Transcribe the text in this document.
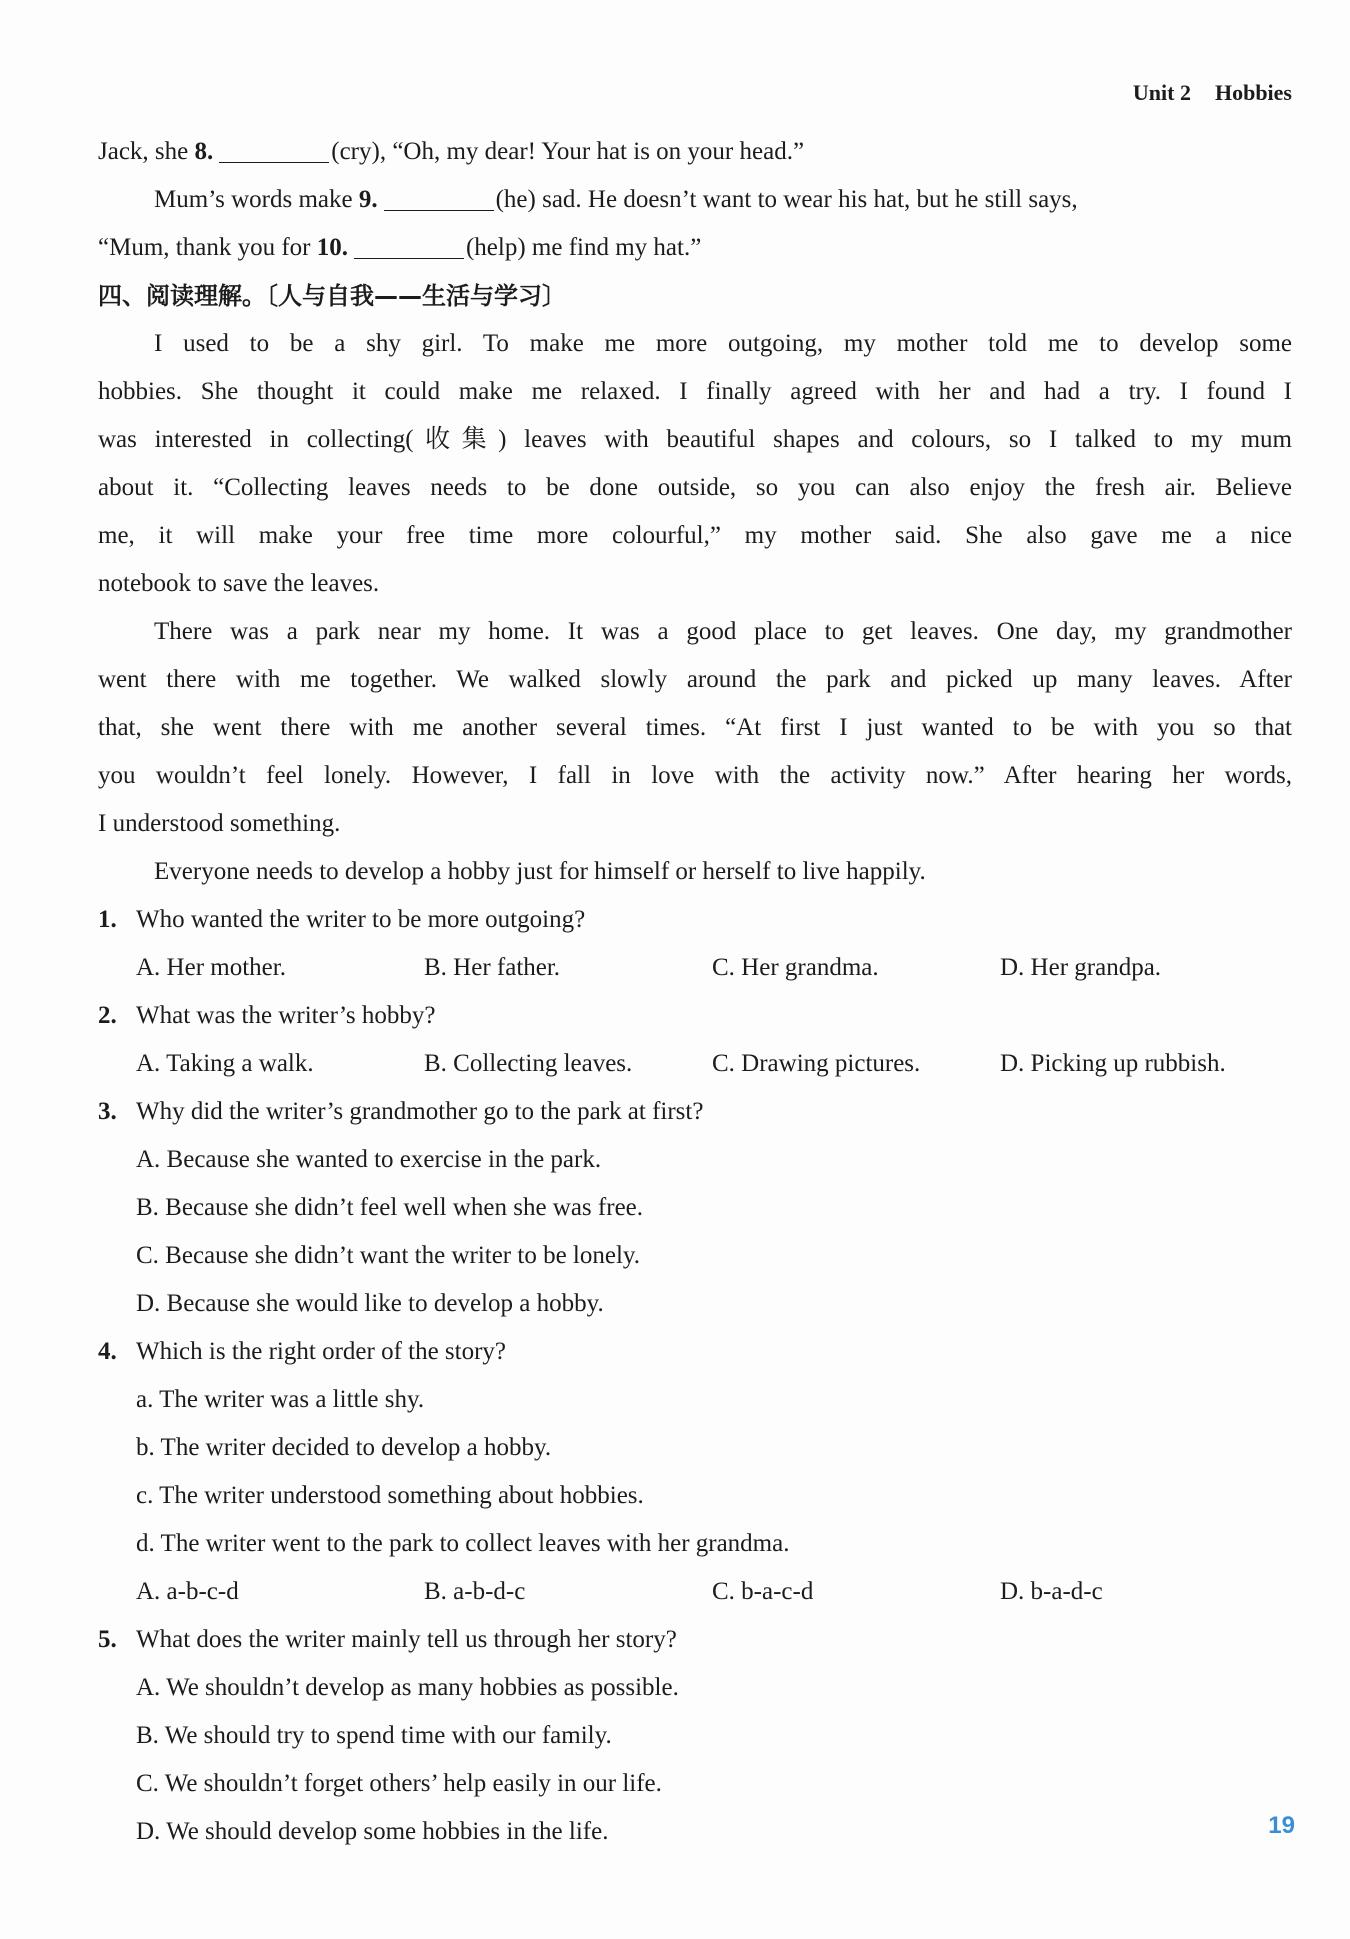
Unit 2 Hobbies
Jack, she 8.	(cry), “Oh, my dear! Your hat is on your head.”
Mum’s words make 9.	(he) sad. He doesn’t want to wear his hat, but he still says,
“Mum, thank you for 10.	(help) me find my hat.”
四、阅读理解。〔人与自我——生活与学习〕
I used to be a shy girl. To make me more outgoing, my mother told me to develop some
hobbies. She thought it could make me relaxed. I finally agreed with her and had a try. I found I
was interested in collecting(收集) leaves with beautiful shapes and colours, so I talked to my mum
about it. “Collecting leaves needs to be done outside, so you can also enjoy the fresh air. Believe
me, it will make your free time more colourful,” my mother said. She also gave me a nice
notebook to save the leaves.
There was a park near my home. It was a good place to get leaves. One day, my grandmother
went there with me together. We walked slowly around the park and picked up many leaves. After
that, she went there with me another several times. “At first I just wanted to be with you so that
you wouldn’t feel lonely. However, I fall in love with the activity now.” After hearing her words,
I understood something.
Everyone needs to develop a hobby just for himself or herself to live happily.
1. Who wanted the writer to be more outgoing?
A. Her mother.	B. Her father.	C. Her grandma.	D. Her grandpa.
2. What was the writer’s hobby?
A. Taking a walk.	B. Collecting leaves.	C. Drawing pictures.	D. Picking up rubbish.
3. Why did the writer’s grandmother go to the park at first?
A. Because she wanted to exercise in the park.
B. Because she didn’t feel well when she was free.
C. Because she didn’t want the writer to be lonely.
D. Because she would like to develop a hobby.
4. Which is the right order of the story?
a. The writer was a little shy.
b. The writer decided to develop a hobby.
c. The writer understood something about hobbies.
d. The writer went to the park to collect leaves with her grandma.
A. a-b-c-d	B. a-b-d-c	C. b-a-c-d	D. b-a-d-c
5. What does the writer mainly tell us through her story?
A. We shouldn’t develop as many hobbies as possible.
B. We should try to spend time with our family.
C. We shouldn’t forget others’ help easily in our life.
D. We should develop some hobbies in the life.	19
